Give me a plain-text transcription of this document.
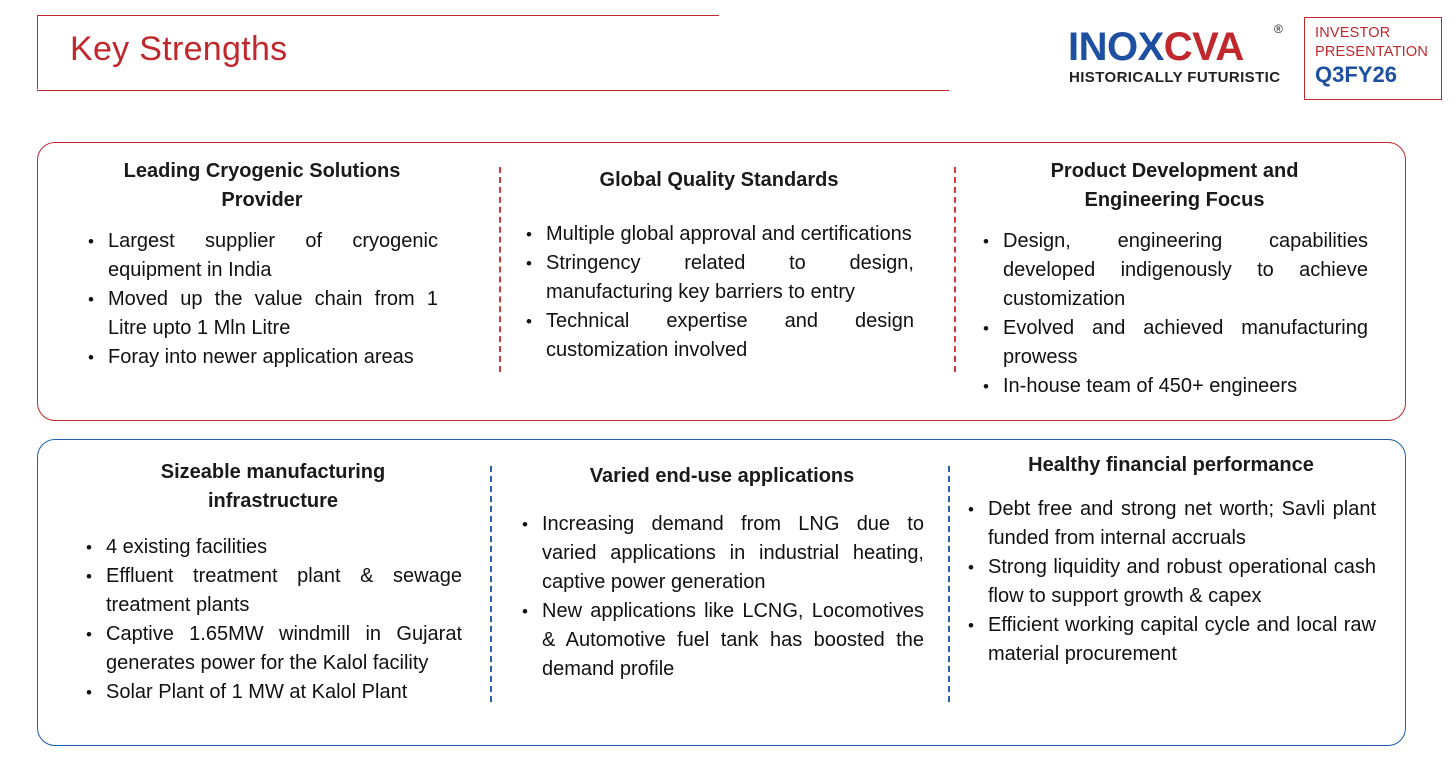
Key Strengths	INOXCVA	®
HISTORICALLY FUTURISTIC
INVESTOR
PRESENTATION
Q3FY26

Leading Cryogenic Solutions Provider

• Largest supplier of cryogenic equipment in India
• Moved up the value chain from 1 Litre upto 1 Mln Litre
• Foray into newer application areas

Global Quality Standards

• Multiple global approval and certifications
• Stringency related to design, manufacturing key barriers to entry
• Technical expertise and design customization involved

Product Development and Engineering Focus

• Design, engineering capabilities developed indigenously to achieve customization
• Evolved and achieved manufacturing prowess
• In-house team of 450+ engineers

Sizeable manufacturing infrastructure

• 4 existing facilities
• Effluent treatment plant & sewage treatment plants
• Captive 1.65MW windmill in Gujarat generates power for the Kalol facility
• Solar Plant of 1 MW at Kalol Plant

Varied end-use applications

• Increasing demand from LNG due to varied applications in industrial heating, captive power generation
• New applications like LCNG, Locomotives & Automotive fuel tank has boosted the demand profile

Healthy financial performance

• Debt free and strong net worth; Savli plant funded from internal accruals
• Strong liquidity and robust operational cash flow to support growth & capex
• Efficient working capital cycle and local raw material procurement
